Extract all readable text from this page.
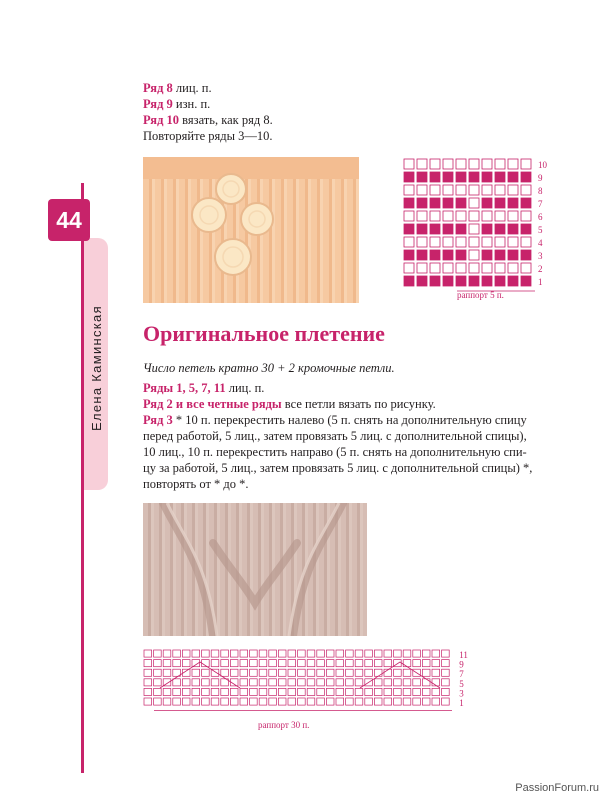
44
Елена Каминская
Ряд 8 лиц. п.
Ряд 9 изн. п.
Ряд 10 вязать, как ряд 8.
Повторяйте ряды 3—10.
10
9
8
7
6
5
4
3
2
1
раппорт 5 п.
Оригинальное плетение
Число петель кратно 30 + 2 кромочные петли.
Ряды 1, 5, 7, 11 лиц. п.
Ряд 2 и все четные ряды все петли вязать по рисунку.
Ряд 3 * 10 п. перекрестить налево (5 п. снять на дополнительную спицу
перед работой, 5 лиц., затем провязать 5 лиц. с дополнительной спицы),
10 лиц., 10 п. перекрестить направо (5 п. снять на дополнительную спи-
цу за работой, 5 лиц., затем провязать 5 лиц. с дополнительной спицы) *,
повторять от * до *.
11
9
7
5
3
1
раппорт 30 п.
PassionForum.ru
